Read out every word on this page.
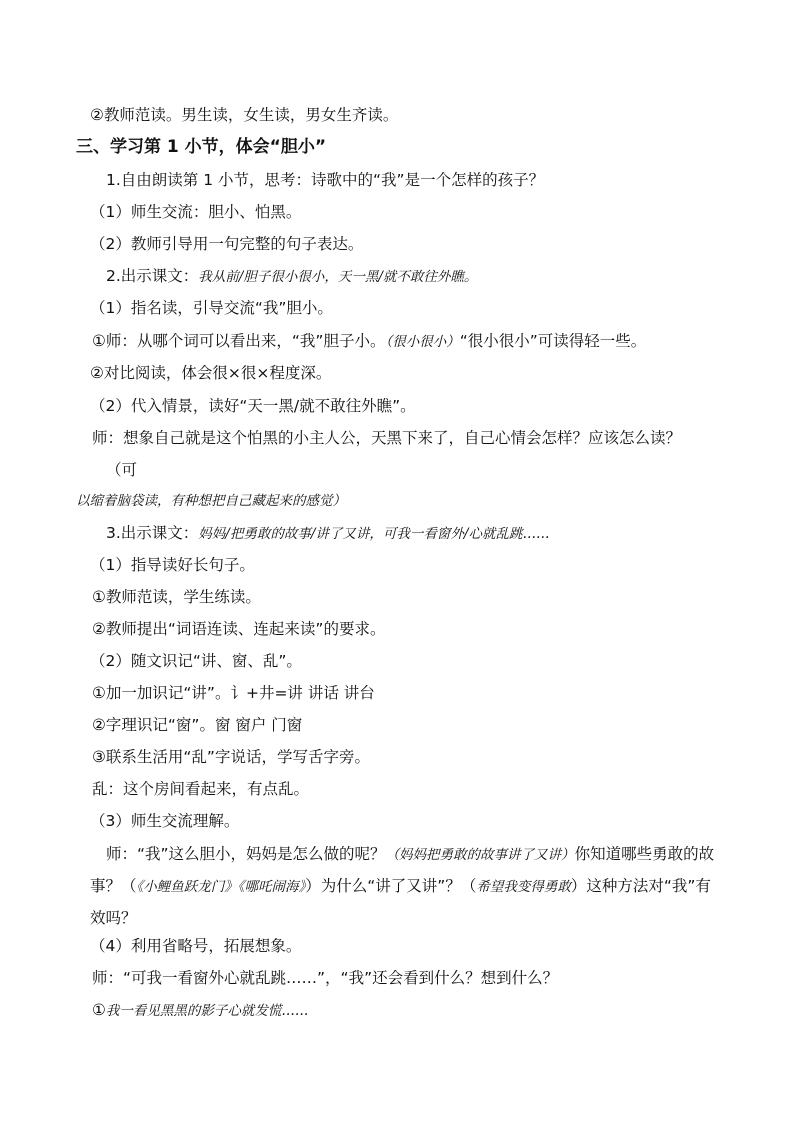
②教师范读。男生读，女生读，男女生齐读。
三、学习第 1 小节，体会“胆小”
1.自由朗读第 1 小节，思考：诗歌中的“我”是一个怎样的孩子？
（1）师生交流：胆小、怕黑。
（2）教师引导用一句完整的句子表达。
2.出示课文：我从前/胆子很小很小，天一黑/就不敢往外瞧。
（1）指名读，引导交流“我”胆小。
①师：从哪个词可以看出来，“我”胆子小。（很小很小）“很小很小”可读得轻一些。
②对比阅读，体会很×很×程度深。
（2）代入情景，读好“天一黑/就不敢往外瞧”。
师：想象自己就是这个怕黑的小主人公，天黑下来了，自己心情会怎样？应该怎么读？
（可
以缩着脑袋读，有种想把自己藏起来的感觉）
3.出示课文：妈妈/把勇敢的故事/讲了又讲，可我一看窗外/心就乱跳……
（1）指导读好长句子。
①教师范读，学生练读。
②教师提出“词语连读、连起来读”的要求。
（2）随文识记“讲、窗、乱”。
①加一加识记“讲”。讠+井=讲 讲话 讲台
②字理识记“窗”。窗 窗户 门窗
③联系生活用“乱”字说话，学写舌字旁。
乱：这个房间看起来，有点乱。
（3）师生交流理解。
师：“我”这么胆小，妈妈是怎么做的呢？（妈妈把勇敢的故事讲了又讲）你知道哪些勇敢的故事？（《小鲤鱼跃龙门》《哪吒闹海》）为什么“讲了又讲”？（希望我变得勇敢）这种方法对“我”有效吗？
（4）利用省略号，拓展想象。
师：“可我一看窗外心就乱跳……”，“我”还会看到什么？想到什么？
①我一看见黑黑的影子心就发慌……
